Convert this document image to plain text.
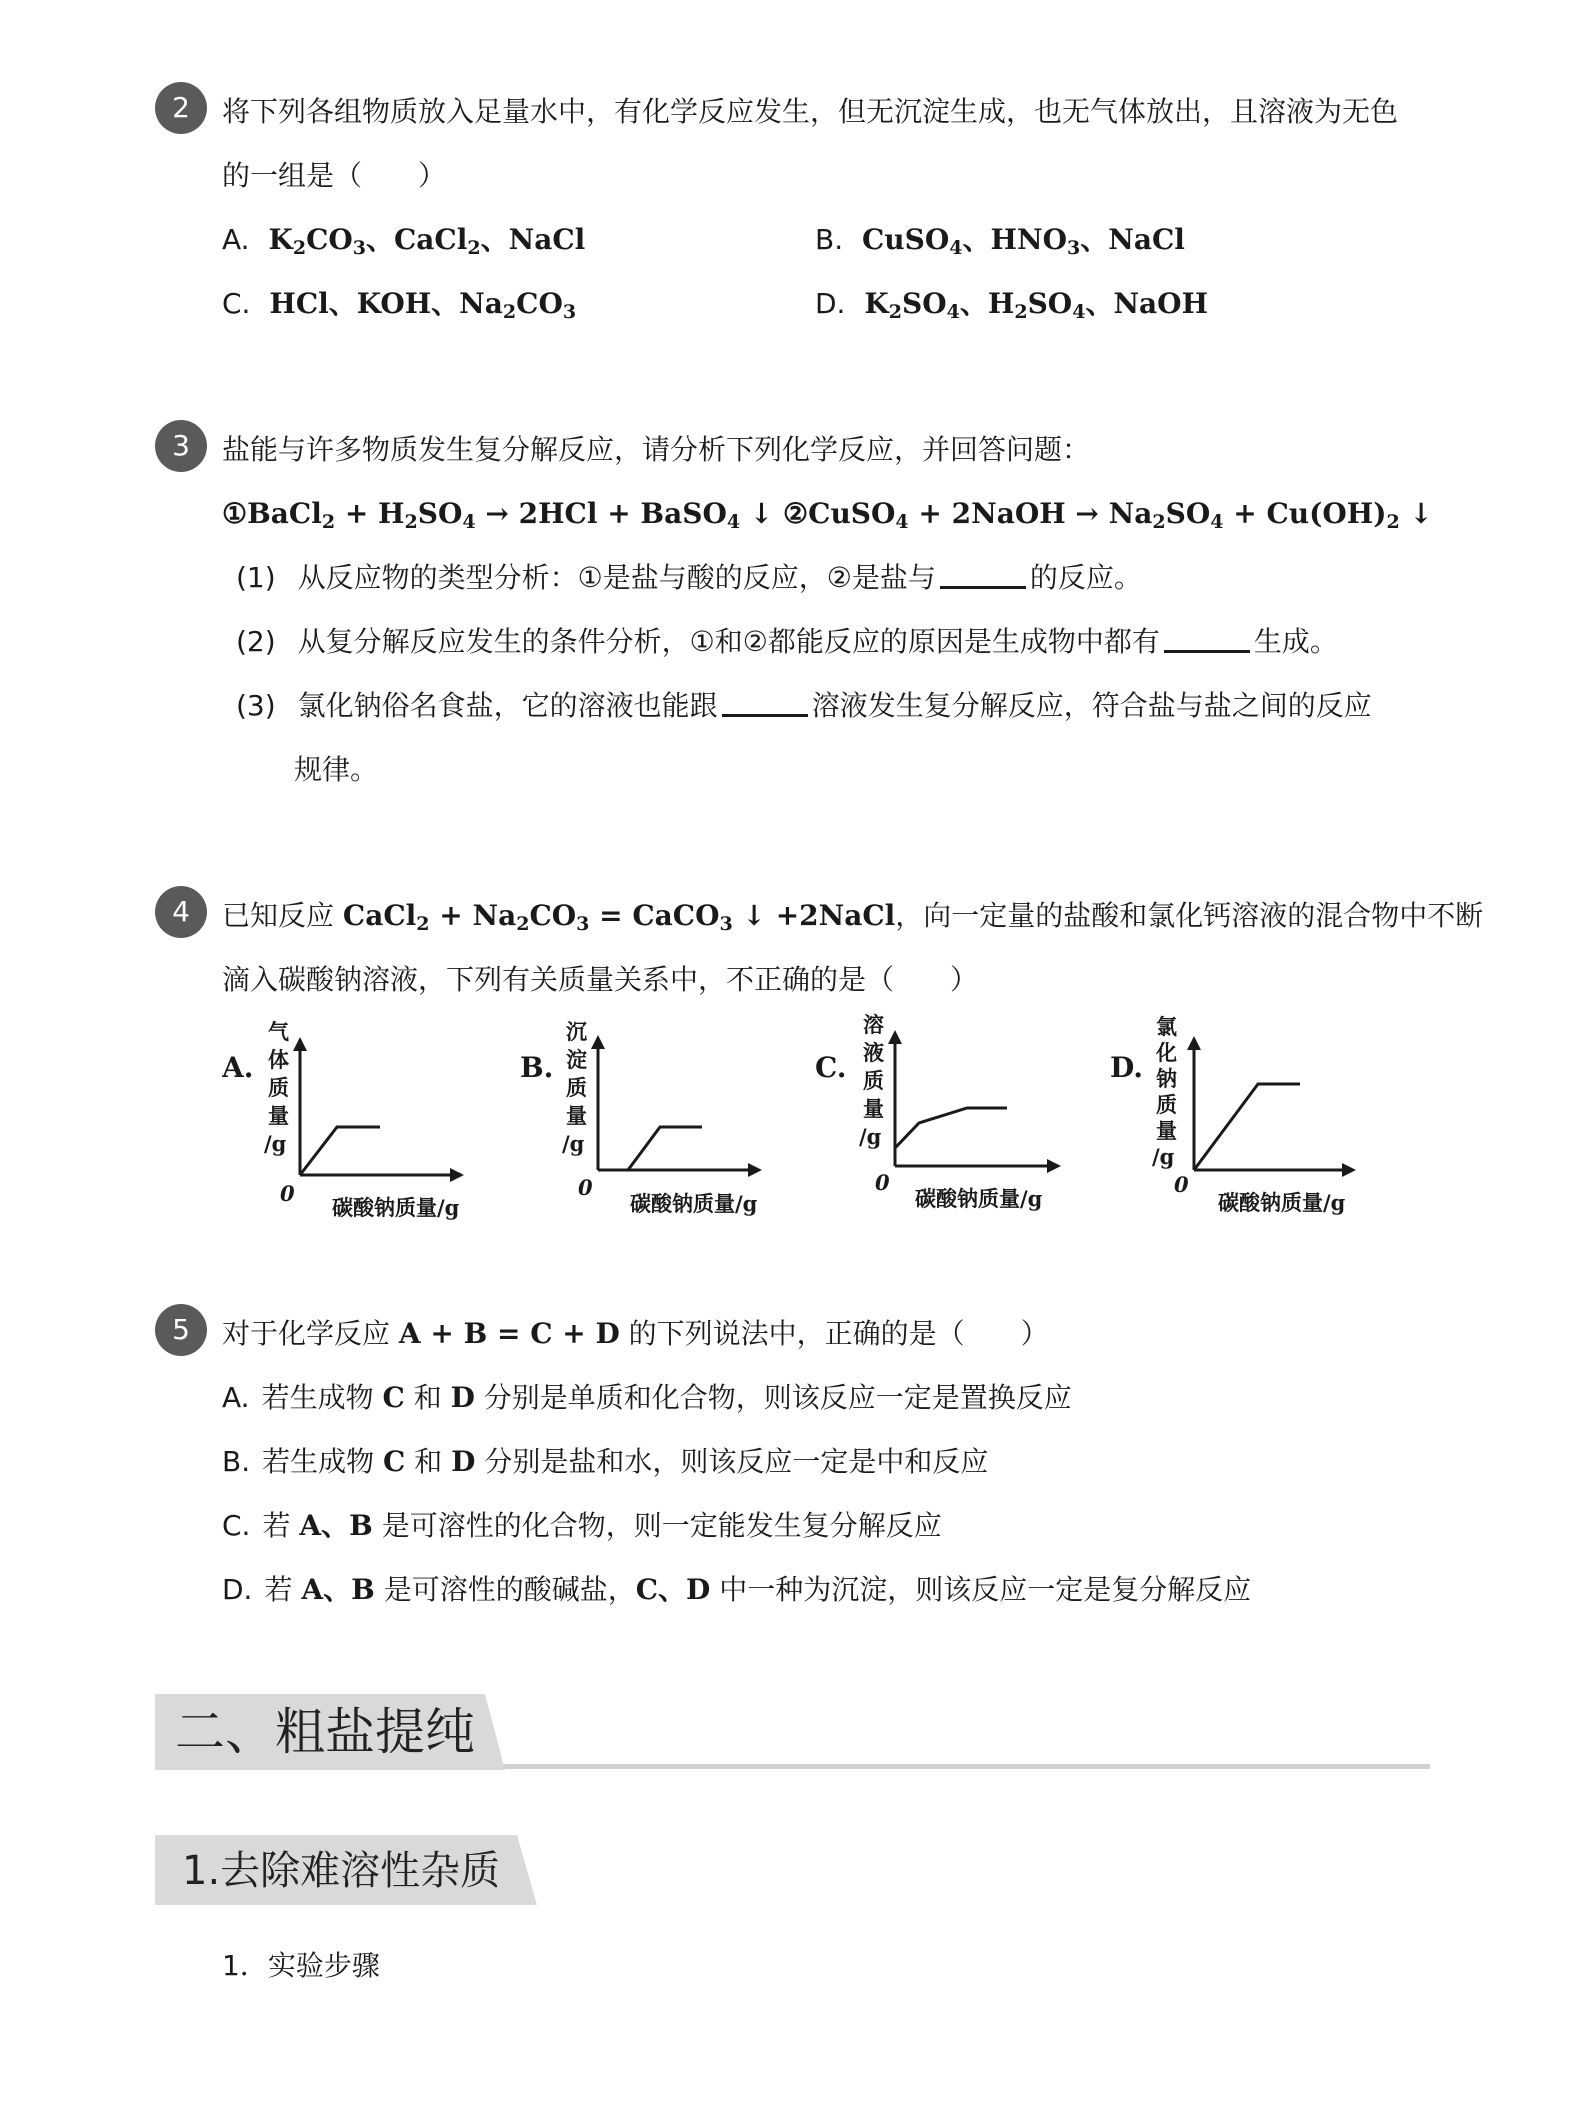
2	将下列各组物质放入足量水中，有化学反应发生，但无沉淀生成，也无气体放出，且溶液为无色
的一组是（　　）
A. $K_2CO_3$、CaCl$_2$、NaCl	B. CuSO$_4$、$HNO_3$、NaCl
C. HCl、KOH、$Na_2CO_3$	D. $K_2SO_4$、$H_2SO_4$、NaOH
3	盐能与许多物质发生复分解反应，请分析下列化学反应，并回答问题：
①BaCl$_2$ + $H_2SO_4 \to 2HCl$ + BaSO$_4$ ↓ ②CuSO$_4$ + 2NaOH → $Na_2SO_4 + Cu(OH)_2$ ↓
(1) 从反应物的类型分析：①是盐与酸的反应，②是盐与	的反应。
(2) 从复分解反应发生的条件分析，①和②都能反应的原因是生成物中都有	生成。
(3) 氯化钠俗名食盐，它的溶液也能跟	溶液发生复分解反应，符合盐与盐之间的反应
规律。
4	已知反应 CaCl$_2$ + $Na_2CO_3$ = CaCO$_3$ ↓ +2NaCl，向一定量的盐酸和氯化钙溶液的混合物中不断
滴入碳酸钠溶液，下列有关质量关系中，不正确的是（　　）
A.
气
体
质
量
/g
0
碳酸钠质量/g
B.
沉
淀
质
量
/g
0
碳酸钠质量/g
C.
溶
液
质
量
/g
0
碳酸钠质量/g
D.
氯
化
钠
质
量
/g
0
碳酸钠质量/g
5	对于化学反应 A + B = C + D 的下列说法中，正确的是（　　）
A. 若生成物 C 和 D 分别是单质和化合物，则该反应一定是置换反应
B. 若生成物 C 和 D 分别是盐和水，则该反应一定是中和反应
C. 若 A、B 是可溶性的化合物，则一定能发生复分解反应
D. 若 A、B 是可溶性的酸碱盐，C、D 中一种为沉淀，则该反应一定是复分解反应
二、粗盐提纯
1.去除难溶性杂质
1．实验步骤
